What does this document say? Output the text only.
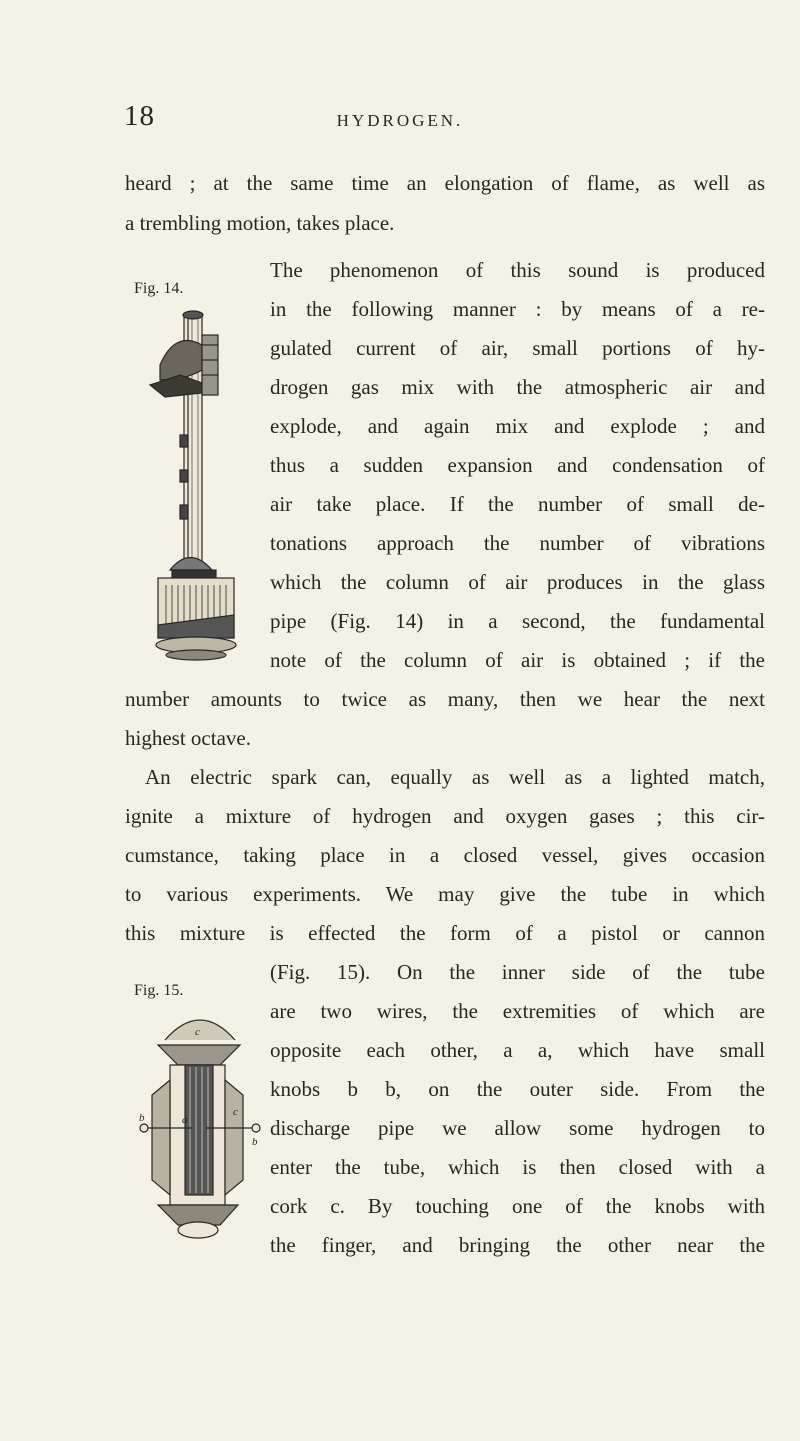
18	HYDROGEN.
heard ; at the same time an elongation of flame, as well as
a trembling motion, takes place.
The phenomenon of this sound is produced
in the following manner : by means of a re-
gulated current of air, small portions of hy-
drogen gas mix with the atmospheric air and
explode, and again mix and explode ; and
thus a sudden expansion and condensation of
air take place. If the number of small de-
tonations approach the number of vibrations
which the column of air produces in the glass
pipe (Fig. 14) in a second, the fundamental
note of the column of air is obtained ; if the
number amounts to twice as many, then we hear the next
highest octave.
An electric spark can, equally as well as a lighted match,
ignite a mixture of hydrogen and oxygen gases ; this cir-
cumstance, taking place in a closed vessel, gives occasion
to various experiments. We may give the tube in which
this mixture is effected the form of a pistol or cannon
(Fig. 15). On the inner side of the tube
are two wires, the extremities of which are
opposite each other, a a, which have small
knobs b b, on the outer side. From the
discharge pipe we allow some hydrogen to
enter the tube, which is then closed with a
cork c. By touching one of the knobs with
the finger, and bringing the other near the
Fig. 14.
Fig. 15.
c
a
b	c
b
